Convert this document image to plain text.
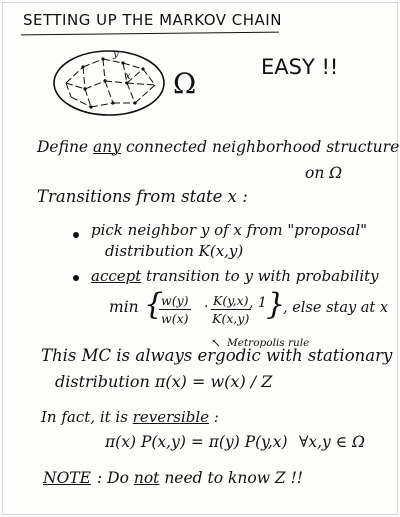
SETTING UP THE MARKOV CHAIN
EASY !!
y
x Ω
Define any connected neighborhood structure
on Ω
Transitions from state x :
pick neighbor y of x from "proposal"
distribution K(x,y)
accept transition to y with probability
min {
$\frac{w(y)}{w(x)} \cdot \frac{K(y,x)}{K(x,y)}$
, 1 }
, else stay at x
↖ Metropolis rule
This MC is always ergodic with stationary
distribution π(x) = w(x) / Z
In fact, it is reversible :
π(x) P(x,y) = π(y) P(y,x) ∀x,y ∈ Ω
NOTE : Do not need to know Z !!
